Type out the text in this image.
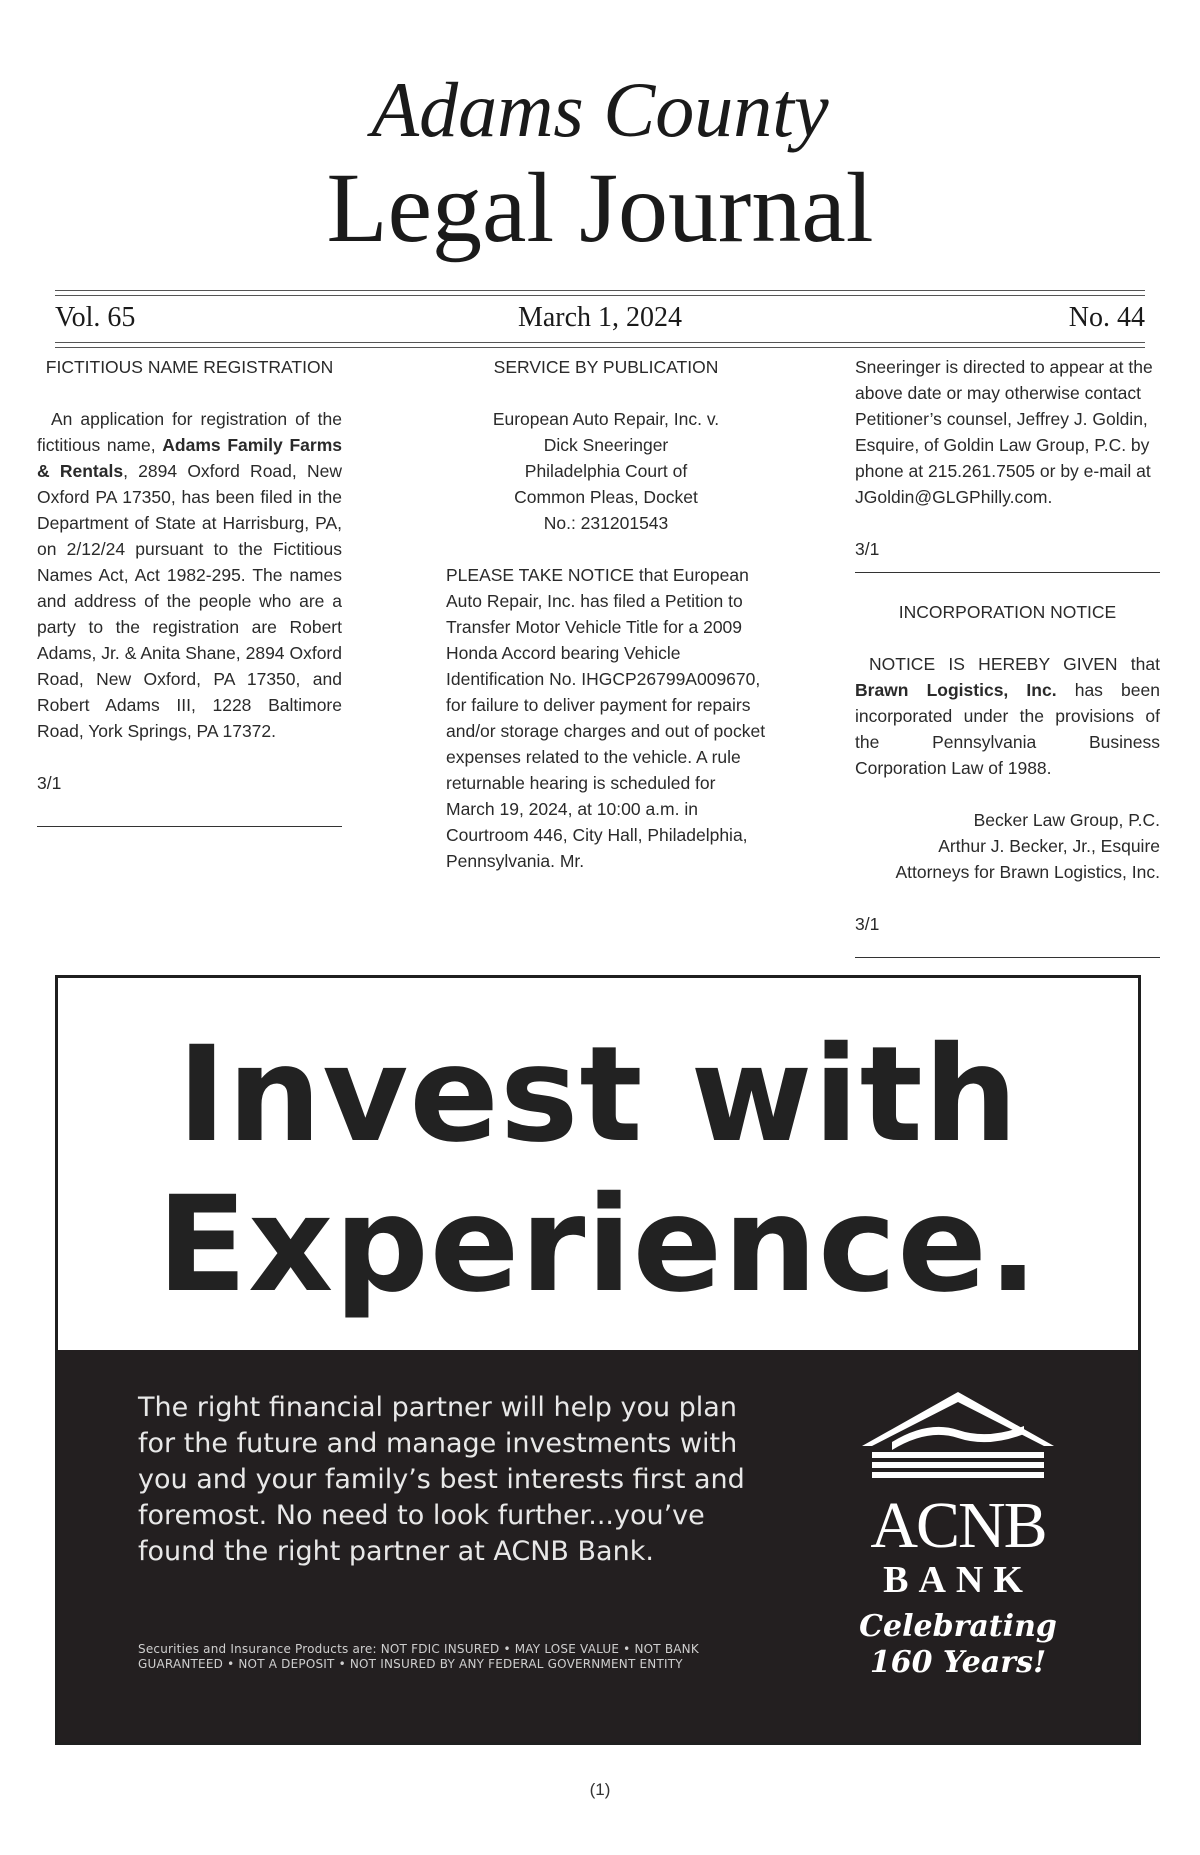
Adams County
Legal Journal
Vol. 65	March 1, 2024	No. 44

FICTITIOUS NAME REGISTRATION

An application for registration of the fictitious name, Adams Family Farms & Rentals, 2894 Oxford Road, New Oxford PA 17350, has been filed in the Department of State at Harrisburg, PA, on 2/12/24 pursuant to the Fictitious Names Act, Act 1982-295. The names and address of the people who are a party to the registration are Robert Adams, Jr. & Anita Shane, 2894 Oxford Road, New Oxford, PA 17350, and Robert Adams III, 1228 Baltimore Road, York Springs, PA 17372.

3/1

SERVICE BY PUBLICATION

European Auto Repair, Inc. v. Dick Sneeringer

Philadelphia Court of Common Pleas, Docket No.: 231201543

PLEASE TAKE NOTICE that European Auto Repair, Inc. has filed a Petition to Transfer Motor Vehicle Title for a 2009 Honda Accord bearing Vehicle Identification No. IHGCP26799A009670, for failure to deliver payment for repairs and/or storage charges and out of pocket expenses related to the vehicle. A rule returnable hearing is scheduled for March 19, 2024, at 10:00 a.m. in Courtroom 446, City Hall, Philadelphia, Pennsylvania. Mr.

Sneeringer is directed to appear at the above date or may otherwise contact Petitioner’s counsel, Jeffrey J. Goldin, Esquire, of Goldin Law Group, P.C. by phone at 215.261.7505 or by e-mail at JGoldin@GLGPhilly.com.

3/1

INCORPORATION NOTICE

NOTICE IS HEREBY GIVEN that Brawn Logistics, Inc. has been incorporated under the provisions of the Pennsylvania Business Corporation Law of 1988.

Becker Law Group, P.C.

Arthur J. Becker, Jr., Esquire

Attorneys for Brawn Logistics, Inc.

3/1

Invest with
Experience.
The right financial partner will help you plan for the future and manage investments with you and your family’s best interests first and foremost. No need to look further...you’ve found the right partner at ACNB Bank.
Securities and Insurance Products are: NOT FDIC INSURED • MAY LOSE VALUE • NOT BANK GUARANTEED • NOT A DEPOSIT • NOT INSURED BY ANY FEDERAL GOVERNMENT ENTITY
ACNB
BANK
Celebrating
160 Years!
(1)
